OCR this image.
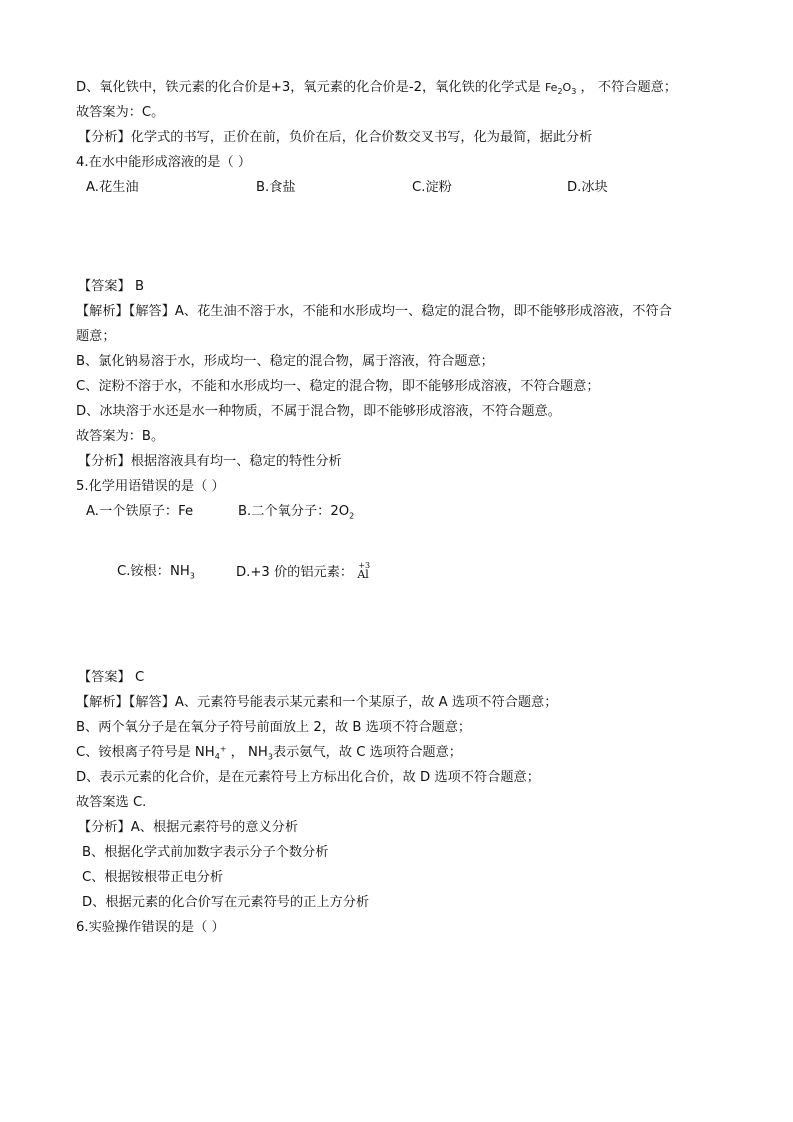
D、氧化铁中，铁元素的化合价是+3，氧元素的化合价是-2，氧化铁的化学式是 $Fe_2O_3$ ， 不符合题意；
故答案为：C。
【分析】化学式的书写，正价在前，负价在后，化合价数交叉书写，化为最简，据此分析
4.在水中能形成溶液的是（ ）
A.花生油	B.食盐	C.淀粉	D.冰块
【答案】 B
【解析】【解答】A、花生油不溶于水，不能和水形成均一、稳定的混合物，即不能够形成溶液，不符合
题意；
B、氯化钠易溶于水，形成均一、稳定的混合物，属于溶液，符合题意；
C、淀粉不溶于水，不能和水形成均一、稳定的混合物，即不能够形成溶液，不符合题意；
D、冰块溶于水还是水一种物质，不属于混合物，即不能够形成溶液，不符合题意。
故答案为：B。
【分析】根据溶液具有均一、稳定的特性分析
5.化学用语错误的是（ ）
A.一个铁原子：Fe	B.二个氧分子：$2O_2$
C.铵根：$NH_3$	D.+3 价的铝元素： +3
Al
【答案】 C
【解析】【解答】A、元素符号能表示某元素和一个某原子，故 A 选项不符合题意；
B、两个氧分子是在氧分子符号前面放上 2，故 B 选项不符合题意；
C、铵根离子符号是 $NH_4^+$ ， $NH_3$表示氨气，故 C 选项符合题意；
D、表示元素的化合价，是在元素符号上方标出化合价，故 D 选项不符合题意；
故答案选 C.
【分析】A、根据元素符号的意义分析
B、根据化学式前加数字表示分子个数分析
C、根据铵根带正电分析
D、根据元素的化合价写在元素符号的正上方分析
6.实验操作错误的是（ ）
